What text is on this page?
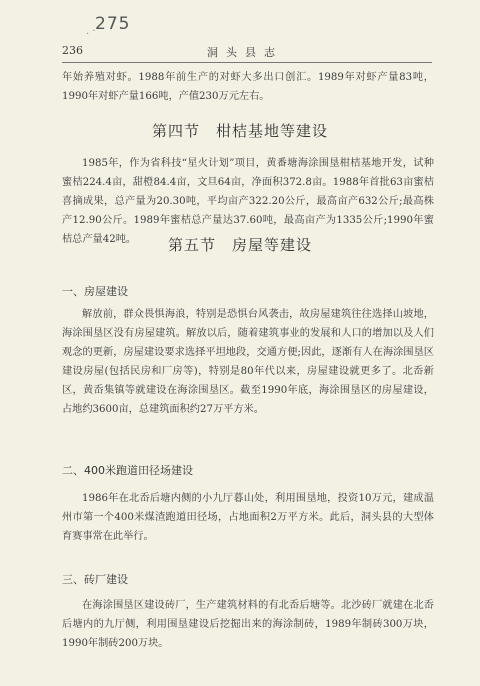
275
. ·
236	洞头县志

年始养殖对虾。1988年前生产的对虾大多出口创汇。1989年对虾产量83吨，1990年对虾产量166吨，产值230万元左右。

第四节　柑桔基地等建设

1985年，作为省科技“星火计划”项目，黄番塘海涂围垦柑桔基地开发，试种蜜桔224.4亩，甜橙84.4亩，文旦64亩，净面积372.8亩。1988年首批63亩蜜桔喜摘成果，总产量为20.30吨，平均亩产322.20公斤，最高亩产632公斤;最高株产12.90公斤。1989年蜜桔总产量达37.60吨，最高亩产为1335公斤;1990年蜜桔总产量42吨。	第五节　房屋等建设
一、房屋建设

解放前，群众畏惧海浪，特别是恐惧台风袭击，故房屋建筑往往选择山坡地，海涂围垦区没有房屋建筑。解放以后，随着建筑事业的发展和人口的增加以及人们观念的更新，房屋建设要求选择平坦地段，交通方便;因此，逐渐有人在海涂围垦区建设房屋(包括民房和厂房等)，特别是80年代以来，房屋建设就更多了。北岙新区，黄岙集镇等就建设在海涂围垦区。截至1990年底，海涂围垦区的房屋建设，占地约3600亩，总建筑面积约27万平方米。

二、400米跑道田径场建设

1986年在北岙后塘内侧的小九厅暮山处，利用围垦地，投资10万元，建成温州市第一个400米煤渣跑道田径场，占地面积2万平方米。此后，洞头县的大型体育赛事常在此举行。

三、砖厂建设

在海涂围垦区建设砖厂，生产建筑材料的有北岙后塘等。北沙砖厂就建在北岙后塘内的九厅侧，利用围垦建设后挖掘出来的海涂制砖，1989年制砖300万块，1990年制砖200万块。
